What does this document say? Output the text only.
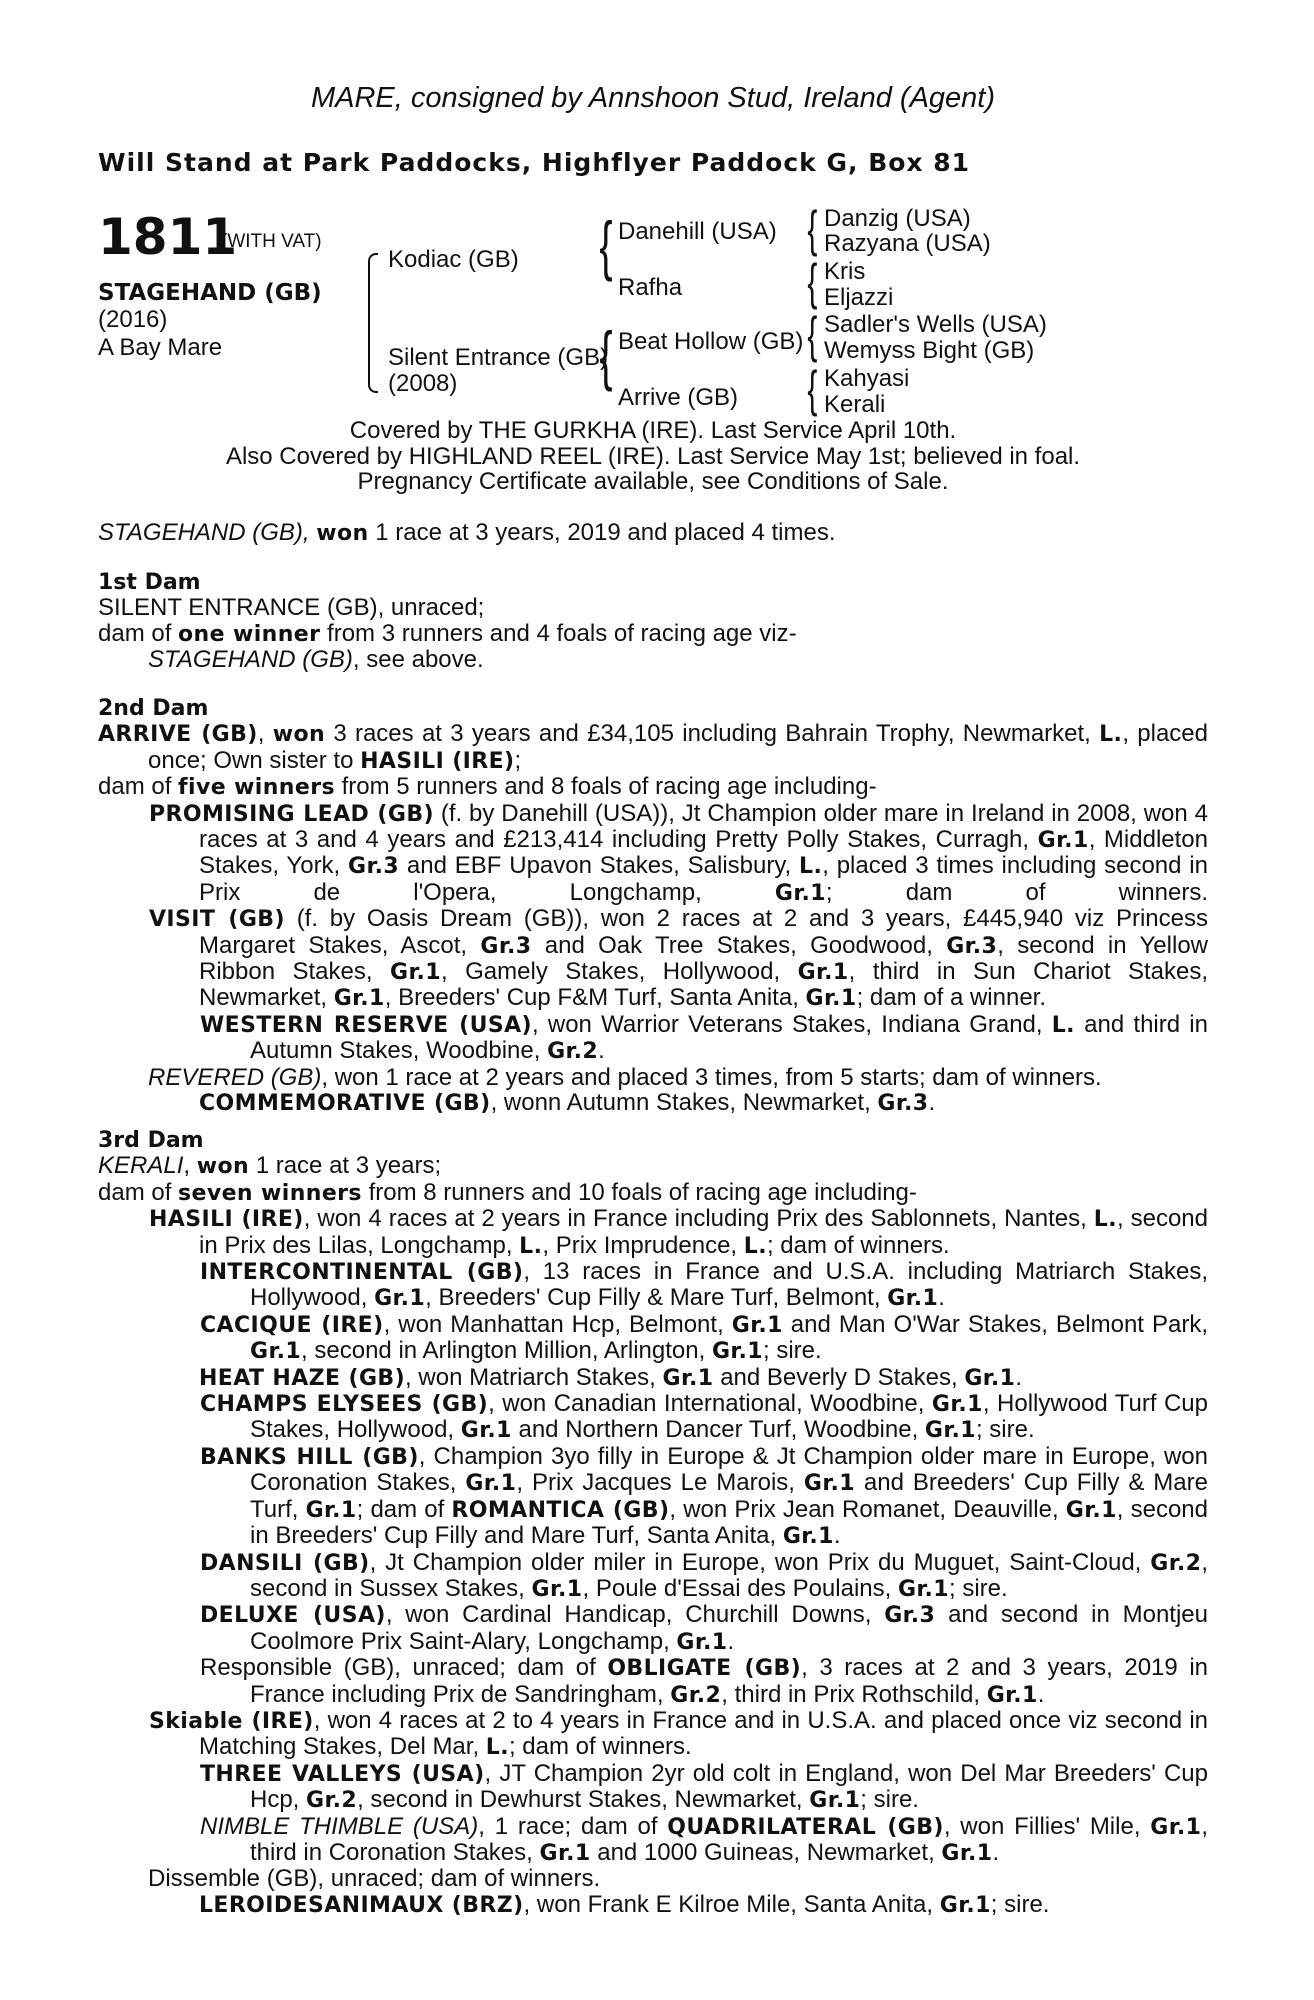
MARE, consigned by Annshoon Stud, Ireland (Agent)
Will Stand at Park Paddocks, Highflyer Paddock G, Box 81
1811
(WITH VAT)
STAGEHAND (GB)
(2016)
A Bay Mare
Kodiac (GB)
Silent Entrance (GB)
(2008)
{ Danehill (USA)
Rafha
{ Beat Hollow (GB)
Arrive (GB)
{ Danzig (USA)
Razyana (USA)
{ Kris
Eljazzi
{ Sadler's Wells (USA)
Wemyss Bight (GB)
{ Kahyasi
Kerali
Covered by THE GURKHA (IRE). Last Service April 10th.
Also Covered by HIGHLAND REEL (IRE). Last Service May 1st; believed in foal.
Pregnancy Certificate available, see Conditions of Sale.
STAGEHAND (GB), won 1 race at 3 years, 2019 and placed 4 times.
1st Dam
SILENT ENTRANCE (GB), unraced;
dam of one winner from 3 runners and 4 foals of racing age viz-
STAGEHAND (GB), see above.
2nd Dam
ARRIVE (GB), won 3 races at 3 years and £34,105 including Bahrain Trophy, Newmarket, L., placed once; Own sister to HASILI (IRE);
dam of five winners from 5 runners and 8 foals of racing age including-
PROMISING LEAD (GB) (f. by Danehill (USA)), Jt Champion older mare in Ireland in 2008, won 4 races at 3 and 4 years and £213,414 including Pretty Polly Stakes, Curragh, Gr.1, Middleton Stakes, York, Gr.3 and EBF Upavon Stakes, Salisbury, L., placed 3 times including second in Prix de l'Opera, Longchamp, Gr.1; dam of winners.
VISIT (GB) (f. by Oasis Dream (GB)), won 2 races at 2 and 3 years, £445,940 viz Princess Margaret Stakes, Ascot, Gr.3 and Oak Tree Stakes, Goodwood, Gr.3, second in Yellow Ribbon Stakes, Gr.1, Gamely Stakes, Hollywood, Gr.1, third in Sun Chariot Stakes, Newmarket, Gr.1, Breeders' Cup F&M Turf, Santa Anita, Gr.1; dam of a winner.
WESTERN RESERVE (USA), won Warrior Veterans Stakes, Indiana Grand, L. and third in Autumn Stakes, Woodbine, Gr.2.
REVERED (GB), won 1 race at 2 years and placed 3 times, from 5 starts; dam of winners.
COMMEMORATIVE (GB), wonn Autumn Stakes, Newmarket, Gr.3.
3rd Dam
KERALI, won 1 race at 3 years;
dam of seven winners from 8 runners and 10 foals of racing age including-
HASILI (IRE), won 4 races at 2 years in France including Prix des Sablonnets, Nantes, L., second in Prix des Lilas, Longchamp, L., Prix Imprudence, L.; dam of winners.
INTERCONTINENTAL (GB), 13 races in France and U.S.A. including Matriarch Stakes, Hollywood, Gr.1, Breeders' Cup Filly & Mare Turf, Belmont, Gr.1.
CACIQUE (IRE), won Manhattan Hcp, Belmont, Gr.1 and Man O'War Stakes, Belmont Park, Gr.1, second in Arlington Million, Arlington, Gr.1; sire.
HEAT HAZE (GB), won Matriarch Stakes, Gr.1 and Beverly D Stakes, Gr.1.
CHAMPS ELYSEES (GB), won Canadian International, Woodbine, Gr.1, Hollywood Turf Cup Stakes, Hollywood, Gr.1 and Northern Dancer Turf, Woodbine, Gr.1; sire.
BANKS HILL (GB), Champion 3yo filly in Europe & Jt Champion older mare in Europe, won Coronation Stakes, Gr.1, Prix Jacques Le Marois, Gr.1 and Breeders' Cup Filly & Mare Turf, Gr.1; dam of ROMANTICA (GB), won Prix Jean Romanet, Deauville, Gr.1, second in Breeders' Cup Filly and Mare Turf, Santa Anita, Gr.1.
DANSILI (GB), Jt Champion older miler in Europe, won Prix du Muguet, Saint-Cloud, Gr.2, second in Sussex Stakes, Gr.1, Poule d'Essai des Poulains, Gr.1; sire.
DELUXE (USA), won Cardinal Handicap, Churchill Downs, Gr.3 and second in Montjeu Coolmore Prix Saint-Alary, Longchamp, Gr.1.
Responsible (GB), unraced; dam of OBLIGATE (GB), 3 races at 2 and 3 years, 2019 in France including Prix de Sandringham, Gr.2, third in Prix Rothschild, Gr.1.
Skiable (IRE), won 4 races at 2 to 4 years in France and in U.S.A. and placed once viz second in Matching Stakes, Del Mar, L.; dam of winners.
THREE VALLEYS (USA), JT Champion 2yr old colt in England, won Del Mar Breeders' Cup Hcp, Gr.2, second in Dewhurst Stakes, Newmarket, Gr.1; sire.
NIMBLE THIMBLE (USA), 1 race; dam of QUADRILATERAL (GB), won Fillies' Mile, Gr.1, third in Coronation Stakes, Gr.1 and 1000 Guineas, Newmarket, Gr.1.
Dissemble (GB), unraced; dam of winners.
LEROIDESANIMAUX (BRZ), won Frank E Kilroe Mile, Santa Anita, Gr.1; sire.
